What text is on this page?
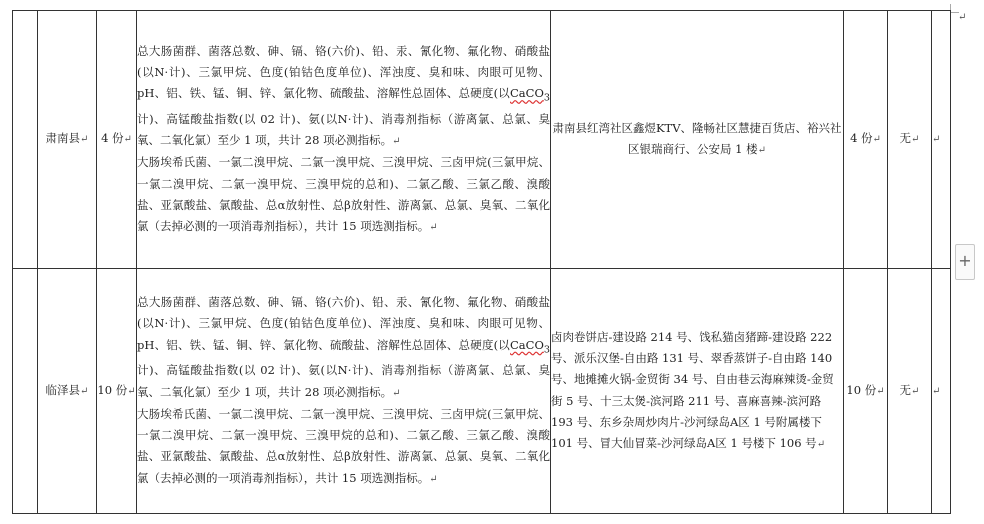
↵
	肃南县↵	4 份↵	总大肠菌群、菌落总数、砷、镉、铬(六价)、铅、汞、氰化物、氟化物、硝酸盐(以N·计)、三氯甲烷、色度(铂钴色度单位)、浑浊度、臭和味、肉眼可见物、pH、铝、铁、锰、铜、锌、氯化物、硫酸盐、溶解性总固体、总硬度(以CaCO$_3$计)、高锰酸盐指数(以 02 计)、氨(以N·计)、消毒剂指标（游离氯、总氯、臭氧、二氧化氯）至少 1 项，共计 28 项必测指标。↵
大肠埃希氏菌、一氯二溴甲烷、二氯一溴甲烷、三溴甲烷、三卤甲烷(三氯甲烷、一氯二溴甲烷、二氯一溴甲烷、三溴甲烷的总和)、二氯乙酸、三氯乙酸、溴酸盐、亚氯酸盐、氯酸盐、总α放射性、总β放射性、游离氯、总氯、臭氧、二氧化氯（去掉必测的一项消毒剂指标），共计 15 项选测指标。↵	肃南县红湾社区鑫煜KTV、隆畅社区慧捷百货店、裕兴社区银瑞商行、公安局 1 楼↵	4 份↵	无↵	↵
	临泽县↵	10 份↵	总大肠菌群、菌落总数、砷、镉、铬(六价)、铅、汞、氰化物、氟化物、硝酸盐(以N·计)、三氯甲烷、色度(铂钴色度单位)、浑浊度、臭和味、肉眼可见物、pH、铝、铁、锰、铜、锌、氯化物、硫酸盐、溶解性总固体、总硬度(以CaCO$_3$计)、高锰酸盐指数(以 02 计)、氨(以N·计)、消毒剂指标（游离氯、总氯、臭氧、二氧化氯）至少 1 项，共计 28 项必测指标。↵
大肠埃希氏菌、一氯二溴甲烷、二氯一溴甲烷、三溴甲烷、三卤甲烷(三氯甲烷、一氯二溴甲烷、二氯一溴甲烷、三溴甲烷的总和)、二氯乙酸、三氯乙酸、溴酸盐、亚氯酸盐、氯酸盐、总α放射性、总β放射性、游离氯、总氯、臭氧、二氧化氯（去掉必测的一项消毒剂指标），共计 15 项选测指标。↵	卤肉卷饼店-建设路 214 号、饯私猫卤猪蹄-建设路 222 号、派乐汉堡-自由路 131 号、翠香蒸饼子-自由路 140 号、地摊摊火锅-金贸街 34 号、自由巷云海麻辣烫-金贸街 5 号、十三太煲-滨河路 211 号、喜麻喜辣-滨河路 193 号、东乡杂周炒肉片-沙河绿岛A区 1 号附属楼下 101 号、冒大仙冒菜-沙河绿岛A区 1 号楼下 106 号↵	10 份↵	无↵	↵
+
